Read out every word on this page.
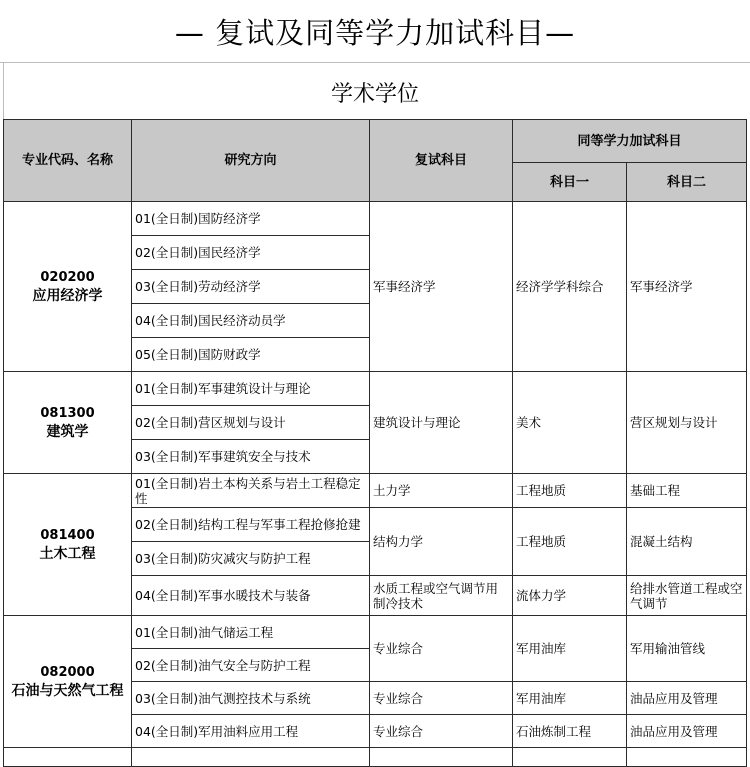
— 复试及同等学力加试科目—
学术学位
专业代码、名称	研究方向	复试科目	同等学力加试科目	
			科目一	科目二

020200
应用经济学	01(全日制)国防经济学	军事经济学	经济学学科综合	军事经济学
	02(全日制)国民经济学			
	03(全日制)劳动经济学			
	04(全日制)国民经济动员学			
	05(全日制)国防财政学			

081300
建筑学	01(全日制)军事建筑设计与理论	建筑设计与理论	美术	营区规划与设计
	02(全日制)营区规划与设计			
	03(全日制)军事建筑安全与技术			

081400
土木工程	01(全日制)岩土本构关系与岩土工程稳定性	土力学	工程地质	基础工程
	02(全日制)结构工程与军事工程抢修抢建	结构力学	工程地质	混凝土结构
	03(全日制)防灾减灾与防护工程			
	04(全日制)军事水暖技术与装备	水质工程或空气调节用制冷技术	流体力学	给排水管道工程或空气调节

082000
石油与天然气工程	01(全日制)油气储运工程	专业综合	军用油库	军用输油管线
	02(全日制)油气安全与防护工程			
	03(全日制)油气测控技术与系统	专业综合	军用油库	油品应用及管理
	04(全日制)军用油料应用工程	专业综合	石油炼制工程	油品应用及管理
